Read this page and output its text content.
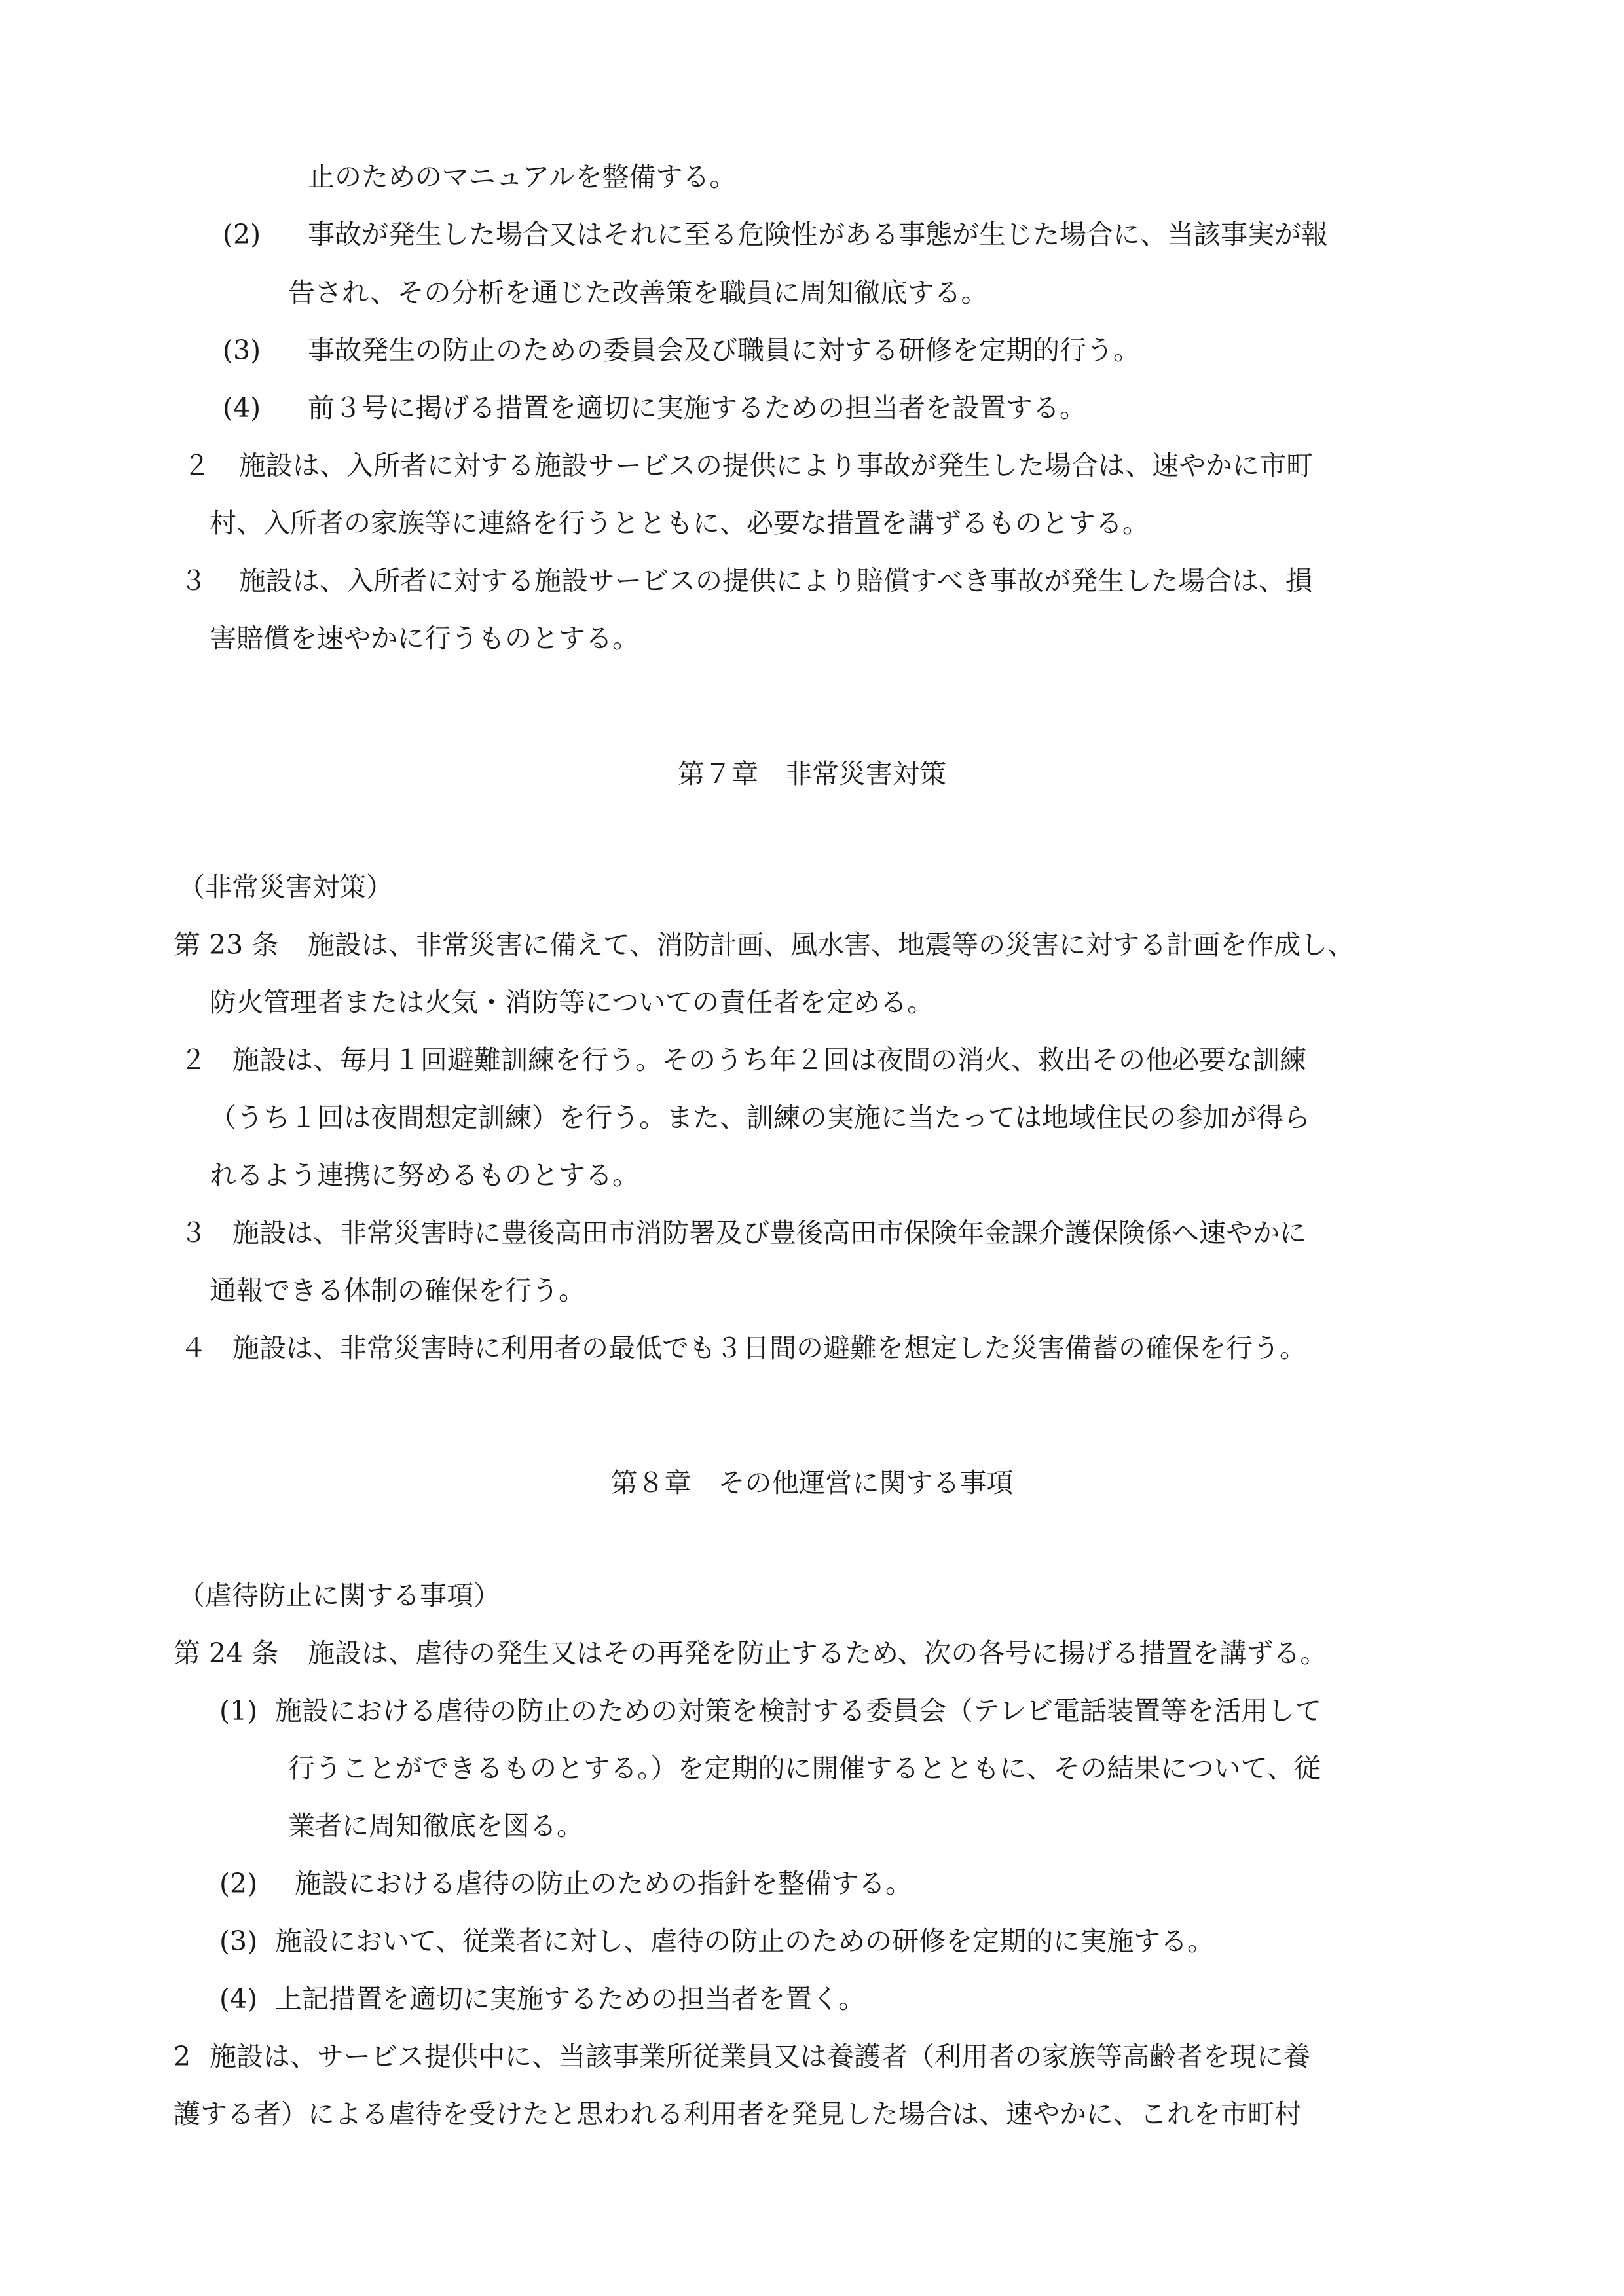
止のためのマニュアルを整備する。
(2) 事故が発生した場合又はそれに至る危険性がある事態が生じた場合に、当該事実が報
告され、その分析を通じた改善策を職員に周知徹底する。
(3) 事故発生の防止のための委員会及び職員に対する研修を定期的行う。
(4) 前３号に掲げる措置を適切に実施するための担当者を設置する。
２ 施設は、入所者に対する施設サービスの提供により事故が発生した場合は、速やかに市町
村、入所者の家族等に連絡を行うとともに、必要な措置を講ずるものとする。
３ 施設は、入所者に対する施設サービスの提供により賠償すべき事故が発生した場合は、損
害賠償を速やかに行うものとする。
第７章　非常災害対策
（非常災害対策）
第 23 条 施設は、非常災害に備えて、消防計画、風水害、地震等の災害に対する計画を作成し、
防火管理者または火気・消防等についての責任者を定める。
２ 施設は、毎月１回避難訓練を行う。そのうち年２回は夜間の消火、救出その他必要な訓練
（うち１回は夜間想定訓練）を行う。また、訓練の実施に当たっては地域住民の参加が得ら
れるよう連携に努めるものとする。
３ 施設は、非常災害時に豊後高田市消防署及び豊後高田市保険年金課介護保険係へ速やかに
通報できる体制の確保を行う。
４ 施設は、非常災害時に利用者の最低でも３日間の避難を想定した災害備蓄の確保を行う。
第８章　その他運営に関する事項
（虐待防止に関する事項）
第 24 条 施設は、虐待の発生又はその再発を防止するため、次の各号に揚げる措置を講ずる。
(1) 施設における虐待の防止のための対策を検討する委員会（テレビ電話装置等を活用して
行うことができるものとする。）を定期的に開催するとともに、その結果について、従
業者に周知徹底を図る。
(2) 施設における虐待の防止のための指針を整備する。
(3) 施設において、従業者に対し、虐待の防止のための研修を定期的に実施する。
(4) 上記措置を適切に実施するための担当者を置く。
2 施設は、サービス提供中に、当該事業所従業員又は養護者（利用者の家族等高齢者を現に養
護する者）による虐待を受けたと思われる利用者を発見した場合は、速やかに、これを市町村
